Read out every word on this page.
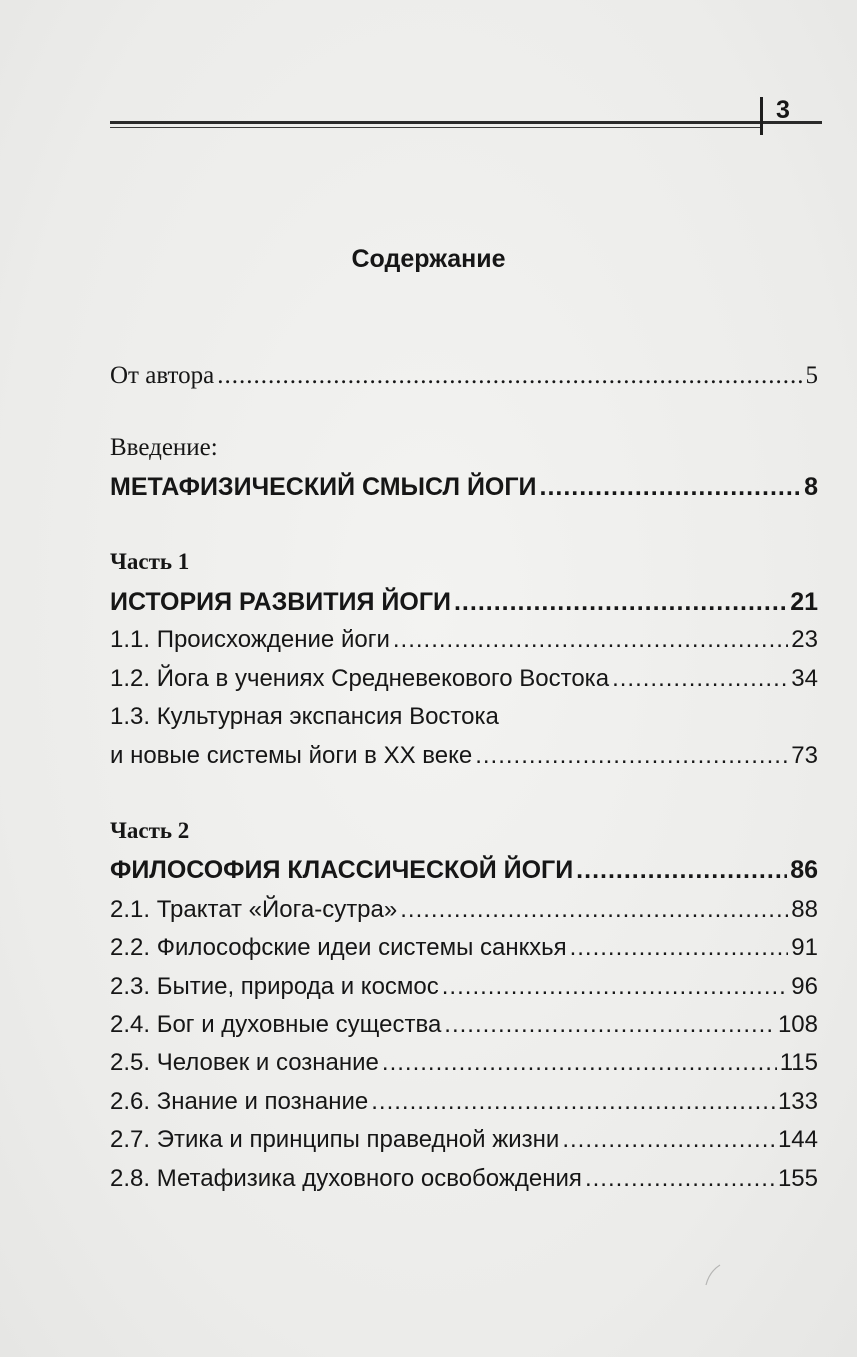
3
Содержание
От автора .....	5
Введение:
МЕТАФИЗИЧЕСКИЙ СМЫСЛ ЙОГИ .....	8
Часть 1
ИСТОРИЯ РАЗВИТИЯ ЙОГИ .....	21
1.1. Происхождение йоги .....	23
1.2. Йога в учениях Средневекового Востока .....	34
1.3. Культурная экспансия Востока
и новые системы йоги в XX веке .....	73
Часть 2
ФИЛОСОФИЯ КЛАССИЧЕСКОЙ ЙОГИ .....	86
2.1. Трактат «Йога-сутра» .....	88
2.2. Философские идеи системы санкхья .....	91
2.3. Бытие, природа и космос .....	96
2.4. Бог и духовные существа .....	108
2.5. Человек и сознание .....	115
2.6. Знание и познание .....	133
2.7. Этика и принципы праведной жизни .....	144
2.8. Метафизика духовного освобождения .....	155
